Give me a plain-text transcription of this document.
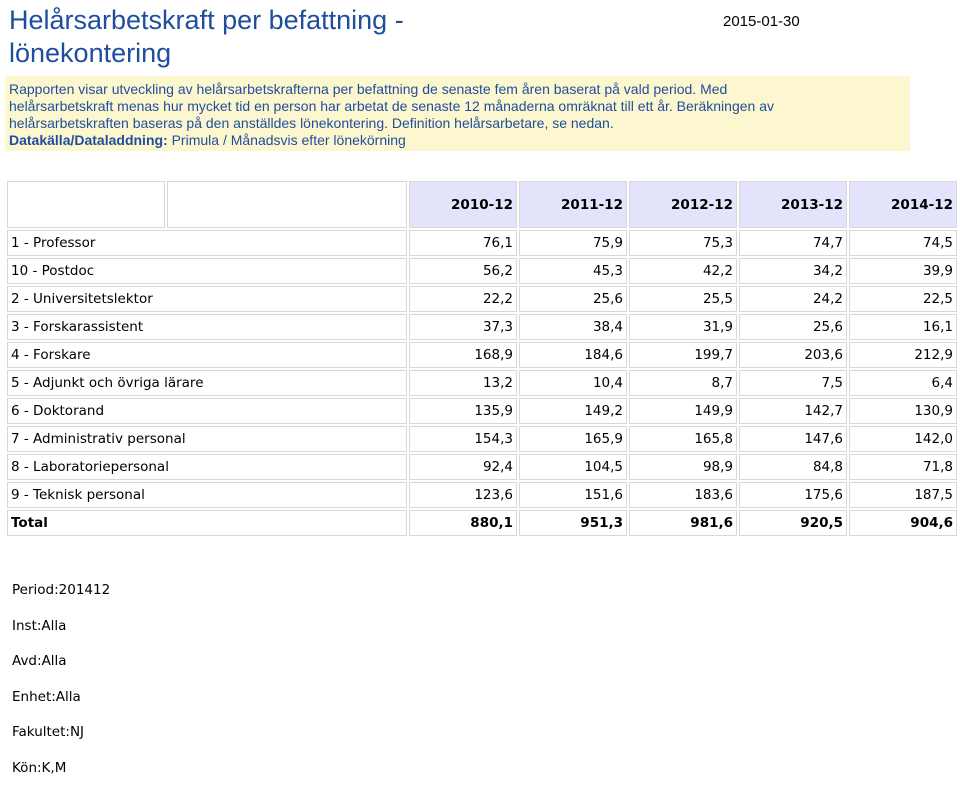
Helårsarbetskraft per befattning - lönekontering
2015-01-30
Rapporten visar utveckling av helårsarbetskrafterna per befattning de senaste fem åren baserat på vald period. Med
helårsarbetskraft menas hur mycket tid en person har arbetat de senaste 12 månaderna omräknat till ett år. Beräkningen av
helårsarbetskraften baseras på den anställdes lönekontering. Definition helårsarbetare, se nedan.
Datakälla/Dataladdning: Primula / Månadsvis efter lönekörning
		2010-12	2011-12	2012-12	2013-12	2014-12
1 - Professor		76,1	75,9	75,3	74,7	74,5
10 - Postdoc		56,2	45,3	42,2	34,2	39,9
2 - Universitetslektor		22,2	25,6	25,5	24,2	22,5
3 - Forskarassistent		37,3	38,4	31,9	25,6	16,1
4 - Forskare		168,9	184,6	199,7	203,6	212,9
5 - Adjunkt och övriga lärare		13,2	10,4	8,7	7,5	6,4
6 - Doktorand		135,9	149,2	149,9	142,7	130,9
7 - Administrativ personal		154,3	165,9	165,8	147,6	142,0
8 - Laboratoriepersonal		92,4	104,5	98,9	84,8	71,8
9 - Teknisk personal		123,6	151,6	183,6	175,6	187,5
Total		880,1	951,3	981,6	920,5	904,6
Period:201412
Inst:Alla
Avd:Alla
Enhet:Alla
Fakultet:NJ
Kön:K,M
